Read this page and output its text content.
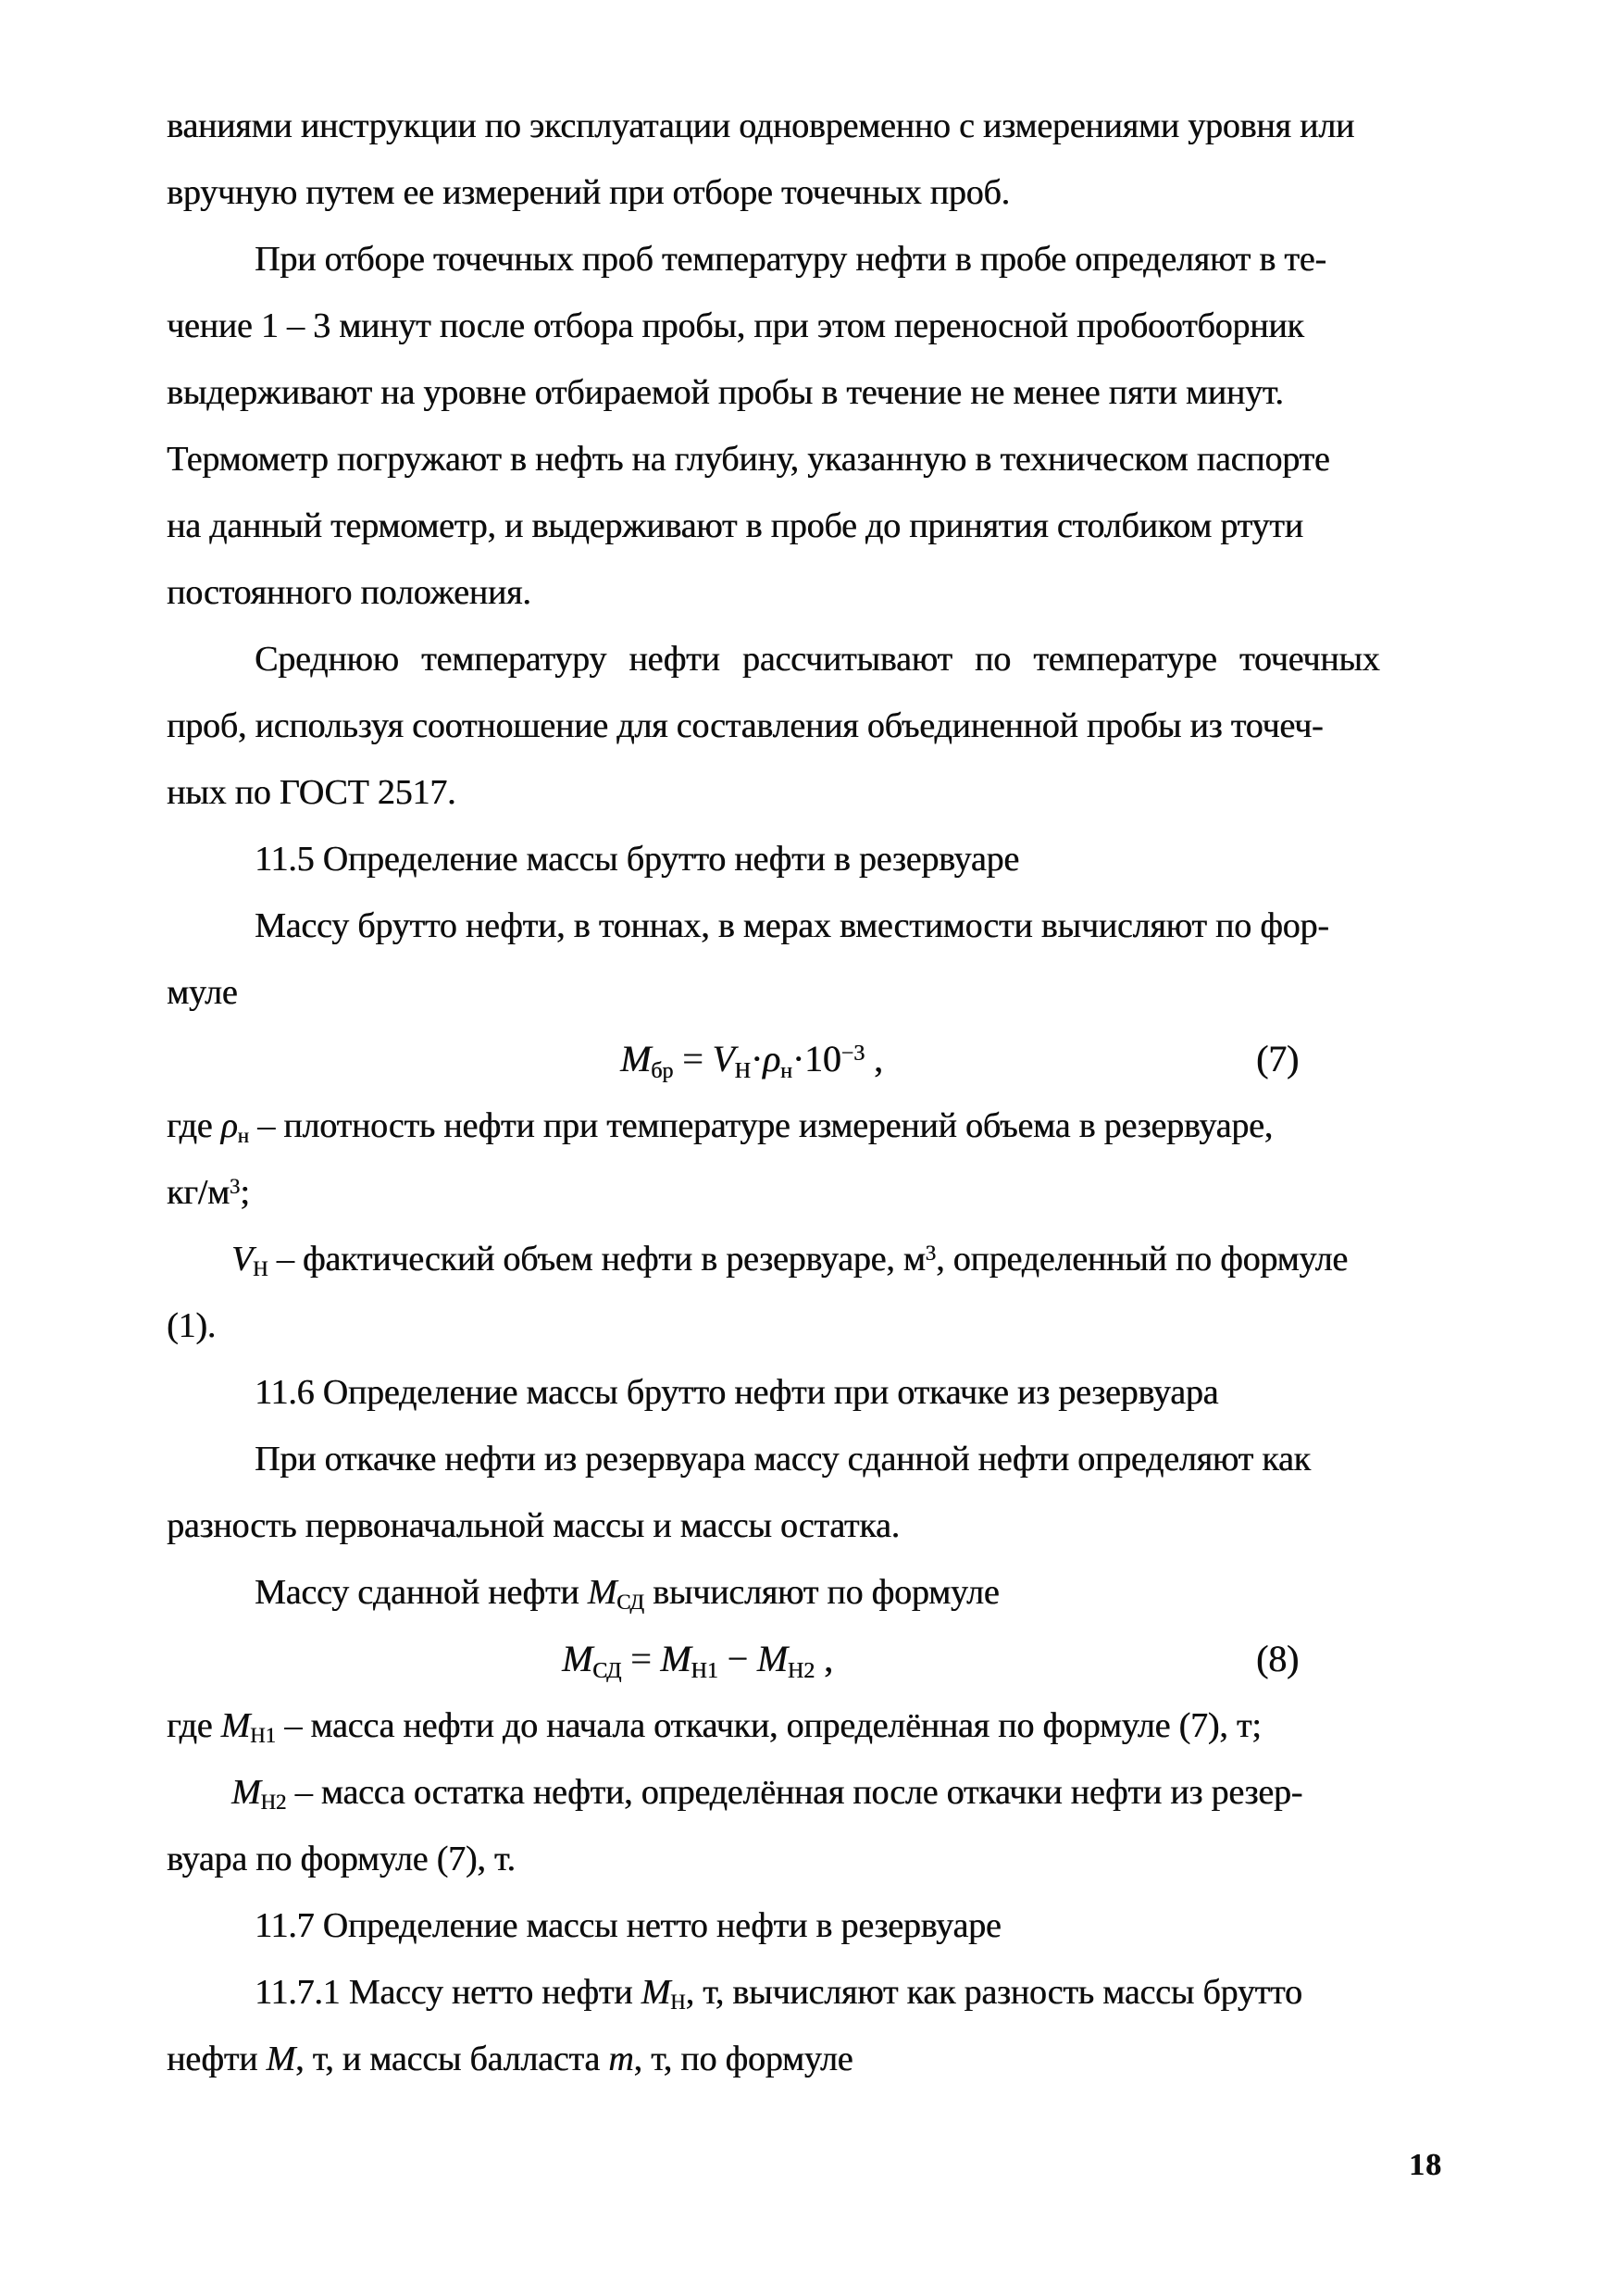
ваниями инструкции по эксплуатации одновременно с измерениями уровня или
вручную путем ее измерений при отборе точечных проб.
При отборе точечных проб температуру нефти в пробе определяют в те-
чение 1 – 3 минут после отбора пробы, при этом переносной пробоотборник
выдерживают на уровне отбираемой пробы в течение не менее пяти минут.
Термометр погружают в нефть на глубину, указанную в техническом паспорте
на данный термометр, и выдерживают в пробе до принятия столбиком ртути
постоянного положения.
Среднюю температуру нефти рассчитывают по температуре точечных
проб, используя соотношение для составления объединенной пробы из точеч-
ных по ГОСТ 2517.
11.5 Определение массы брутто нефти в резервуаре
Массу брутто нефти, в тоннах, в мерах вместимости вычисляют по фор-
муле
$М_{бр} = V_Н\cdot\rho_н\cdot 10^{-3}$ ,	(7)
где $\rho_н$ – плотность нефти при температуре измерений объема в резервуаре,
$кг/м^3$;
$V_Н$ – фактический объем нефти в резервуаре, $м^3$, определенный по формуле
(1).
11.6 Определение массы брутто нефти при откачке из резервуара
При откачке нефти из резервуара массу сданной нефти определяют как
разность первоначальной массы и массы остатка.
Массу сданной нефти $М_{СД}$ вычисляют по формуле
$М_{СД} = М_{Н1} - М_{Н2}$ ,	(8)
где $М_{Н1}$ – масса нефти до начала откачки, определённая по формуле (7), т;
$М_{Н2}$ – масса остатка нефти, определённая после откачки нефти из резер-
вуара по формуле (7), т.
11.7 Определение массы нетто нефти в резервуаре
11.7.1 Массу нетто нефти $М_Н$, т, вычисляют как разность массы брутто
нефти М, т, и массы балласта m, т, по формуле
18
